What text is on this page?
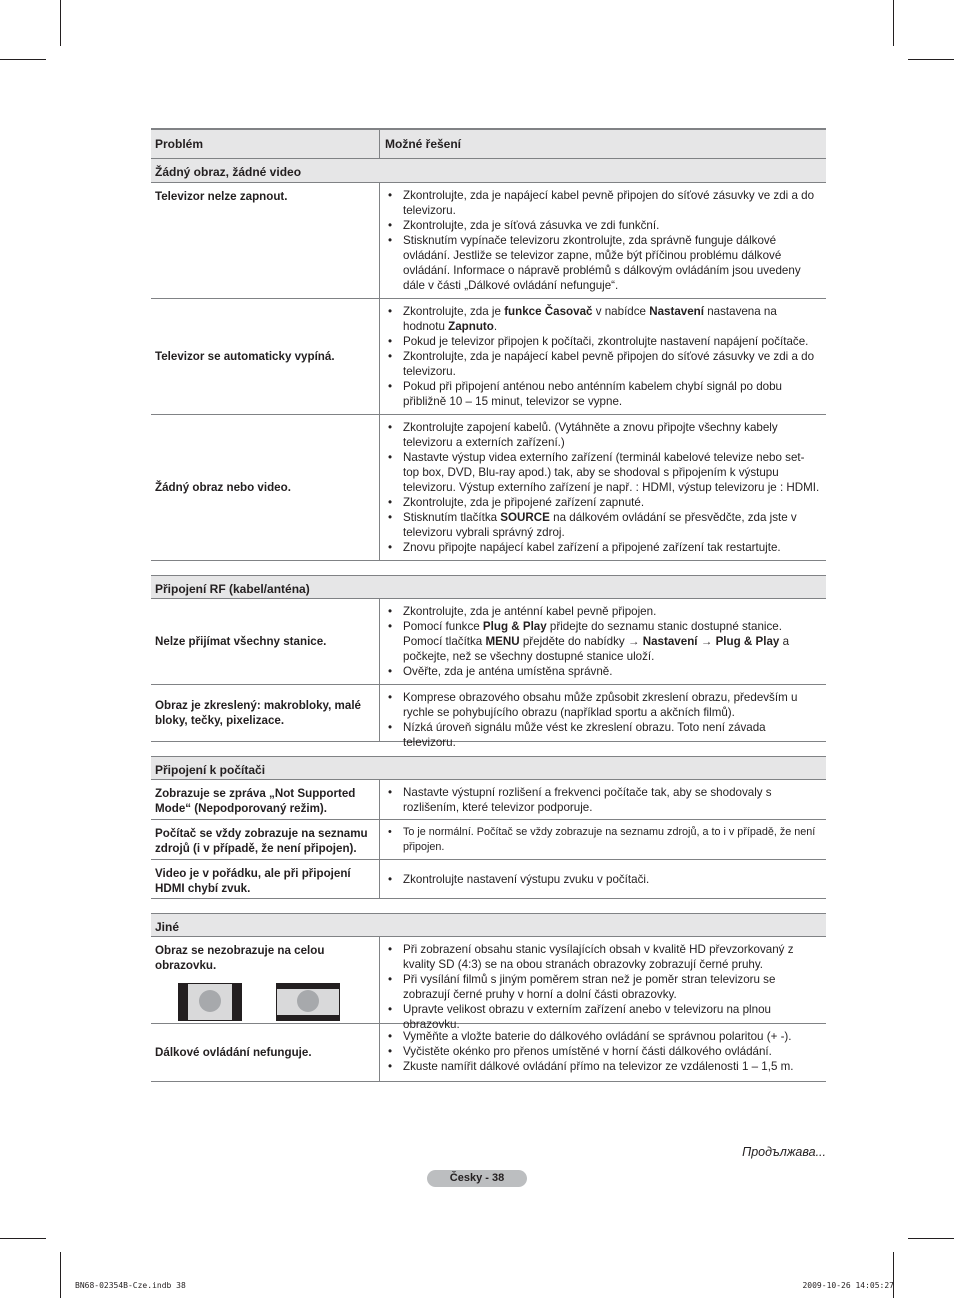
Problém	Možné řešení
Žádný obraz, žádné video
Televizor nelze zapnout.
•	Zkontrolujte, zda je napájecí kabel pevně připojen do síťové zásuvky ve zdi a do televizoru.
• Zkontrolujte, zda je síťová zásuvka ve zdi funkční.
• Stisknutím vypínače televizoru zkontrolujte, zda správně funguje dálkové ovládání. Jestliže se televizor zapne, může být příčinou problému dálkové ovládání. Informace o nápravě problémů s dálkovým ovládáním jsou uvedeny dále v části „Dálkové ovládání nefunguje“.
Televizor se automaticky vypíná.
• Zkontrolujte, zda je funkce Časovač v nabídce Nastavení nastavena na hodnotu Zapnuto.
• Pokud je televizor připojen k počítači, zkontrolujte nastavení napájení počítače.
• Zkontrolujte, zda je napájecí kabel pevně připojen do síťové zásuvky ve zdi a do televizoru.
• Pokud při připojení anténou nebo anténním kabelem chybí signál po dobu přibližně 10 – 15 minut, televizor se vypne.
Žádný obraz nebo video.
• Zkontrolujte zapojení kabelů. (Vytáhněte a znovu připojte všechny kabely televizoru a externích zařízení.)
• Nastavte výstup videa externího zařízení (terminál kabelové televize nebo set-top box, DVD, Blu-ray apod.) tak, aby se shodoval s připojením k výstupu televizoru. Výstup externího zařízení je např. : HDMI, výstup televizoru je : HDMI.
• Zkontrolujte, zda je připojené zařízení zapnuté.
• Stisknutím tlačítka SOURCE na dálkovém ovládání se přesvědčte, zda jste v televizoru vybrali správný zdroj.
• Znovu připojte napájecí kabel zařízení a připojené zařízení tak restartujte.
Připojení RF (kabel/anténa)
Nelze přijímat všechny stanice.
• Zkontrolujte, zda je anténní kabel pevně připojen.
• Pomocí funkce Plug & Play přidejte do seznamu stanic dostupné stanice. Pomocí tlačítka MENU přejděte do nabídky → Nastavení → Plug & Play a počkejte, než se všechny dostupné stanice uloží.
• Ověřte, zda je anténa umístěna správně.
Obraz je zkreslený: makrobloky, malé bloky, tečky, pixelizace.
• Komprese obrazového obsahu může způsobit zkreslení obrazu, především u rychle se pohybujícího obrazu (například sportu a akčních filmů).
• Nízká úroveň signálu může vést ke zkreslení obrazu. Toto není závada televizoru.
Připojení k počítači
Zobrazuje se zpráva „Not Supported Mode“ (Nepodporovaný režim).
• Nastavte výstupní rozlišení a frekvenci počítače tak, aby se shodovaly s rozlišením, které televizor podporuje.
Počítač se vždy zobrazuje na seznamu zdrojů (i v případě, že není připojen).
• To je normální. Počítač se vždy zobrazuje na seznamu zdrojů, a to i v případě, že není připojen.
Video je v pořádku, ale při připojení HDMI chybí zvuk.
• Zkontrolujte nastavení výstupu zvuku v počítači.
Jiné
Obraz se nezobrazuje na celou obrazovku.
• Při zobrazení obsahu stanic vysílajících obsah v kvalitě HD převzorkovaný z kvality SD (4:3) se na obou stranách obrazovky zobrazují černé pruhy.
• Při vysílání filmů s jiným poměrem stran než je poměr stran televizoru se zobrazují černé pruhy v horní a dolní části obrazovky.
• Upravte velikost obrazu v externím zařízení anebo v televizoru na plnou obrazovku.
Dálkové ovládání nefunguje.
• Vyměňte a vložte baterie do dálkového ovládání se správnou polaritou (+ -).
• Vyčistěte okénko pro přenos umístěné v horní části dálkového ovládání.
• Zkuste namířit dálkové ovládání přímo na televizor ze vzdálenosti 1 – 1,5 m.
Продължава...
Česky - 38
BN68-02354B-Cze.indb 38	2009-10-26 14:05:27
